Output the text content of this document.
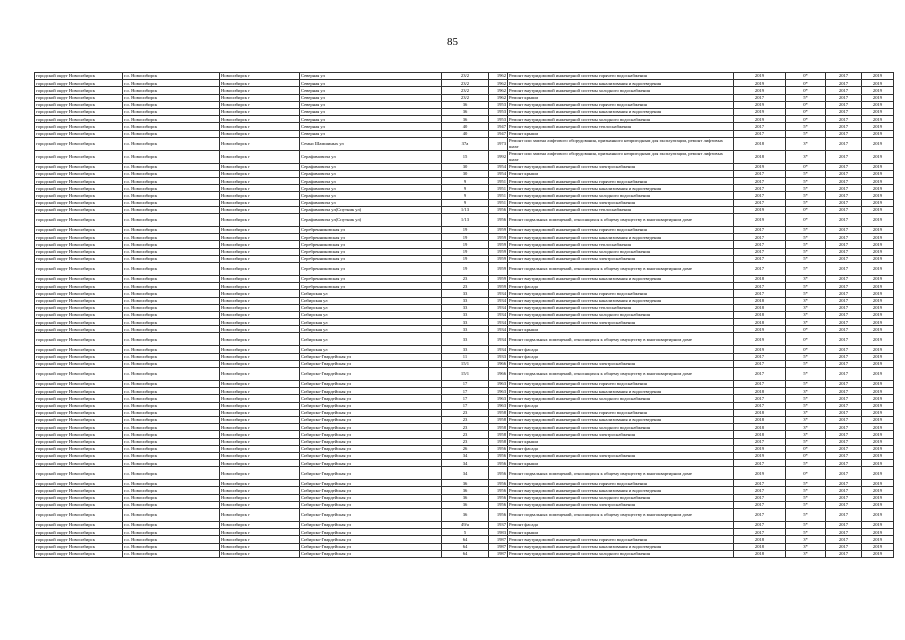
85
городской округ Новосибирск	г.о. Новосибирск	Новосибирск г	Северная ул	23/2	1962	Ремонт внутридомовой инженерной системы горячего водоснабжения	2019	0*	2017	2019
городской округ Новосибирск	г.о. Новосибирск	Новосибирск г	Северная ул	23/2	1962	Ремонт внутридомовой инженерной системы канализования и водоотведения	2019	0*	2017	2019
городской округ Новосибирск	г.о. Новосибирск	Новосибирск г	Северная ул	23/2	1962	Ремонт внутридомовой инженерной системы холодного водоснабжения	2019	0*	2017	2019
городской округ Новосибирск	г.о. Новосибирск	Новосибирск г	Северная ул	23/2	1962	Ремонт крыши	2017	5*	2017	2019
городской округ Новосибирск	г.о. Новосибирск	Новосибирск г	Северная ул	36	1953	Ремонт внутридомовой инженерной системы горячего водоснабжения	2019	0*	2017	2019
городской округ Новосибирск	г.о. Новосибирск	Новосибирск г	Северная ул	36	1953	Ремонт внутридомовой инженерной системы канализования и водоотведения	2019	0*	2017	2019
городской округ Новосибирск	г.о. Новосибирск	Новосибирск г	Северная ул	36	1953	Ремонт внутридомовой инженерной системы холодного водоснабжения	2019	0*	2017	2019
городской округ Новосибирск	г.о. Новосибирск	Новосибирск г	Северная ул	40	1947	Ремонт внутридомовой инженерной системы теплоснабжения	2017	5*	2017	2019
городской округ Новосибирск	г.о. Новосибирск	Новосибирск г	Северная ул	40	1947	Ремонт крыши	2017	5*	2017	2019
городской округ Новосибирск	г.о. Новосибирск	Новосибирск г	Семьи Шамшиных ул	37а	1973	Ремонт или замена лифтового оборудования, признанного непригодным для эксплуатации, ремонт лифтовых шахт	2018	3*	2017	2019
городской округ Новосибирск	г.о. Новосибирск	Новосибирск г	Серафимовича ул	15	1992	Ремонт или замена лифтового оборудования, признанного непригодным для эксплуатации, ремонт лифтовых шахт	2018	3*	2017	2019
городской округ Новосибирск	г.о. Новосибирск	Новосибирск г	Серафимовича ул	30	1954	Ремонт внутридомовой инженерной системы электроснабжения	2019	0*	2017	2019
городской округ Новосибирск	г.о. Новосибирск	Новосибирск г	Серафимовича ул	30	1954	Ремонт крыши	2017	5*	2017	2019
городской округ Новосибирск	г.о. Новосибирск	Новосибирск г	Серафимовича ул	9	1951	Ремонт внутридомовой инженерной системы горячего водоснабжения	2017	5*	2017	2019
городской округ Новосибирск	г.о. Новосибирск	Новосибирск г	Серафимовича ул	9	1951	Ремонт внутридомовой инженерной системы канализования и водоотведения	2017	5*	2017	2019
городской округ Новосибирск	г.о. Новосибирск	Новосибирск г	Серафимовича ул	9	1951	Ремонт внутридомовой инженерной системы холодного водоснабжения	2017	5*	2017	2019
городской округ Новосибирск	г.о. Новосибирск	Новосибирск г	Серафимовича ул	9	1951	Ремонт внутридомовой инженерной системы электроснабжения	2017	5*	2017	2019
городской округ Новосибирск	г.о. Новосибирск	Новосибирск г	Серафимовича ул(Спутник ул)	1/13	1956	Ремонт внутридомовой инженерной системы теплоснабжения	2019	0*	2017	2019
городской округ Новосибирск	г.о. Новосибирск	Новосибирск г	Серафимовича ул(Спутник ул)	1/13	1956	Ремонт подвальных помещений, относящихся к общему имуществу в многоквартирном доме	2019	0*	2017	2019
городской округ Новосибирск	г.о. Новосибирск	Новосибирск г	Серебренниковская ул	19	1959	Ремонт внутридомовой инженерной системы горячего водоснабжения	2017	5*	2017	2019
городской округ Новосибирск	г.о. Новосибирск	Новосибирск г	Серебренниковская ул	19	1959	Ремонт внутридомовой инженерной системы канализования и водоотведения	2017	5*	2017	2019
городской округ Новосибирск	г.о. Новосибирск	Новосибирск г	Серебренниковская ул	19	1959	Ремонт внутридомовой инженерной системы теплоснабжения	2017	5*	2017	2019
городской округ Новосибирск	г.о. Новосибирск	Новосибирск г	Серебренниковская ул	19	1959	Ремонт внутридомовой инженерной системы холодного водоснабжения	2017	5*	2017	2019
городской округ Новосибирск	г.о. Новосибирск	Новосибирск г	Серебренниковская ул	19	1959	Ремонт внутридомовой инженерной системы электроснабжения	2017	5*	2017	2019
городской округ Новосибирск	г.о. Новосибирск	Новосибирск г	Серебренниковская ул	19	1959	Ремонт подвальных помещений, относящихся к общему имуществу в многоквартирном доме	2017	5*	2017	2019
городской округ Новосибирск	г.о. Новосибирск	Новосибирск г	Серебренниковская ул	23	1959	Ремонт внутридомовой инженерной системы канализования и водоотведения	2018	3*	2017	2019
городской округ Новосибирск	г.о. Новосибирск	Новосибирск г	Серебренниковская ул	23	1959	Ремонт фасада	2017	5*	2017	2019
городской округ Новосибирск	г.о. Новосибирск	Новосибирск г	Сибирская ул	33	1934	Ремонт внутридомовой инженерной системы горячего водоснабжения	2017	5*	2017	2019
городской округ Новосибирск	г.о. Новосибирск	Новосибирск г	Сибирская ул	33	1934	Ремонт внутридомовой инженерной системы канализования и водоотведения	2018	3*	2017	2019
городской округ Новосибирск	г.о. Новосибирск	Новосибирск г	Сибирская ул	33	1934	Ремонт внутридомовой инженерной системы теплоснабжения	2018	3*	2017	2019
городской округ Новосибирск	г.о. Новосибирск	Новосибирск г	Сибирская ул	33	1934	Ремонт внутридомовой инженерной системы холодного водоснабжения	2018	3*	2017	2019
городской округ Новосибирск	г.о. Новосибирск	Новосибирск г	Сибирская ул	33	1934	Ремонт внутридомовой инженерной системы электроснабжения	2018	3*	2017	2019
городской округ Новосибирск	г.о. Новосибирск	Новосибирск г	Сибирская ул	33	1934	Ремонт крыши	2019	0*	2017	2019
городской округ Новосибирск	г.о. Новосибирск	Новосибирск г	Сибирская ул	33	1934	Ремонт подвальных помещений, относящихся к общему имуществу в многоквартирном доме	2019	0*	2017	2019
городской округ Новосибирск	г.о. Новосибирск	Новосибирск г	Сибирская ул	33	1934	Ремонт фасада	2019	0*	2017	2019
городской округ Новосибирск	г.о. Новосибирск	Новосибирск г	Сибирско-Гвардейская ул	11	1933	Ремонт фасада	2017	5*	2017	2019
городской округ Новосибирск	г.о. Новосибирск	Новосибирск г	Сибирско-Гвардейская ул	15/1	1966	Ремонт внутридомовой инженерной системы электроснабжения	2017	5*	2017	2019
городской округ Новосибирск	г.о. Новосибирск	Новосибирск г	Сибирско-Гвардейская ул	15/1	1966	Ремонт подвальных помещений, относящихся к общему имуществу в многоквартирном доме	2017	5*	2017	2019
городской округ Новосибирск	г.о. Новосибирск	Новосибирск г	Сибирско-Гвардейская ул	17	1963	Ремонт внутридомовой инженерной системы горячего водоснабжения	2017	5*	2017	2019
городской округ Новосибирск	г.о. Новосибирск	Новосибирск г	Сибирско-Гвардейская ул	17	1963	Ремонт внутридомовой инженерной системы канализования и водоотведения	2018	3*	2017	2019
городской округ Новосибирск	г.о. Новосибирск	Новосибирск г	Сибирско-Гвардейская ул	17	1963	Ремонт внутридомовой инженерной системы холодного водоснабжения	2017	5*	2017	2019
городской округ Новосибирск	г.о. Новосибирск	Новосибирск г	Сибирско-Гвардейская ул	17	1963	Ремонт фасада	2017	5*	2017	2019
городской округ Новосибирск	г.о. Новосибирск	Новосибирск г	Сибирско-Гвардейская ул	23	1958	Ремонт внутридомовой инженерной системы горячего водоснабжения	2018	3*	2017	2019
городской округ Новосибирск	г.о. Новосибирск	Новосибирск г	Сибирско-Гвардейская ул	23	1958	Ремонт внутридомовой инженерной системы канализования и водоотведения	2018	3*	2017	2019
городской округ Новосибирск	г.о. Новосибирск	Новосибирск г	Сибирско-Гвардейская ул	23	1958	Ремонт внутридомовой инженерной системы холодного водоснабжения	2018	3*	2017	2019
городской округ Новосибирск	г.о. Новосибирск	Новосибирск г	Сибирско-Гвардейская ул	23	1958	Ремонт внутридомовой инженерной системы электроснабжения	2018	3*	2017	2019
городской округ Новосибирск	г.о. Новосибирск	Новосибирск г	Сибирско-Гвардейская ул	23	1958	Ремонт крыши	2017	5*	2017	2019
городской округ Новосибирск	г.о. Новосибирск	Новосибирск г	Сибирско-Гвардейская ул	26	1956	Ремонт фасада	2019	0*	2017	2019
городской округ Новосибирск	г.о. Новосибирск	Новосибирск г	Сибирско-Гвардейская ул	34	1956	Ремонт внутридомовой инженерной системы электроснабжения	2019	0*	2017	2019
городской округ Новосибирск	г.о. Новосибирск	Новосибирск г	Сибирско-Гвардейская ул	34	1956	Ремонт крыши	2017	5*	2017	2019
городской округ Новосибирск	г.о. Новосибирск	Новосибирск г	Сибирско-Гвардейская ул	34	1956	Ремонт подвальных помещений, относящихся к общему имуществу в многоквартирном доме	2019	0*	2017	2019
городской округ Новосибирск	г.о. Новосибирск	Новосибирск г	Сибирско-Гвардейская ул	36	1956	Ремонт внутридомовой инженерной системы горячего водоснабжения	2017	5*	2017	2019
городской округ Новосибирск	г.о. Новосибирск	Новосибирск г	Сибирско-Гвардейская ул	36	1956	Ремонт внутридомовой инженерной системы канализования и водоотведения	2017	5*	2017	2019
городской округ Новосибирск	г.о. Новосибирск	Новосибирск г	Сибирско-Гвардейская ул	36	1956	Ремонт внутридомовой инженерной системы холодного водоснабжения	2017	5*	2017	2019
городской округ Новосибирск	г.о. Новосибирск	Новосибирск г	Сибирско-Гвардейская ул	36	1956	Ремонт внутридомовой инженерной системы электроснабжения	2017	5*	2017	2019
городской округ Новосибирск	г.о. Новосибирск	Новосибирск г	Сибирско-Гвардейская ул	36	1956	Ремонт подвальных помещений, относящихся к общему имуществу в многоквартирном доме	2017	5*	2017	2019
городской округ Новосибирск	г.о. Новосибирск	Новосибирск г	Сибирско-Гвардейская ул	49/а	1937	Ремонт фасада	2017	5*	2017	2019
городской округ Новосибирск	г.о. Новосибирск	Новосибирск г	Сибирско-Гвардейская ул	5	1983	Ремонт крыши	2017	5*	2017	2019
городской округ Новосибирск	г.о. Новосибирск	Новосибирск г	Сибирско-Гвардейская ул	64	1987	Ремонт внутридомовой инженерной системы горячего водоснабжения	2018	3*	2017	2019
городской округ Новосибирск	г.о. Новосибирск	Новосибирск г	Сибирско-Гвардейская ул	64	1987	Ремонт внутридомовой инженерной системы канализования и водоотведения	2018	3*	2017	2019
городской округ Новосибирск	г.о. Новосибирск	Новосибирск г	Сибирско-Гвардейская ул	64	1987	Ремонт внутридомовой инженерной системы холодного водоснабжения	2018	3*	2017	2019
